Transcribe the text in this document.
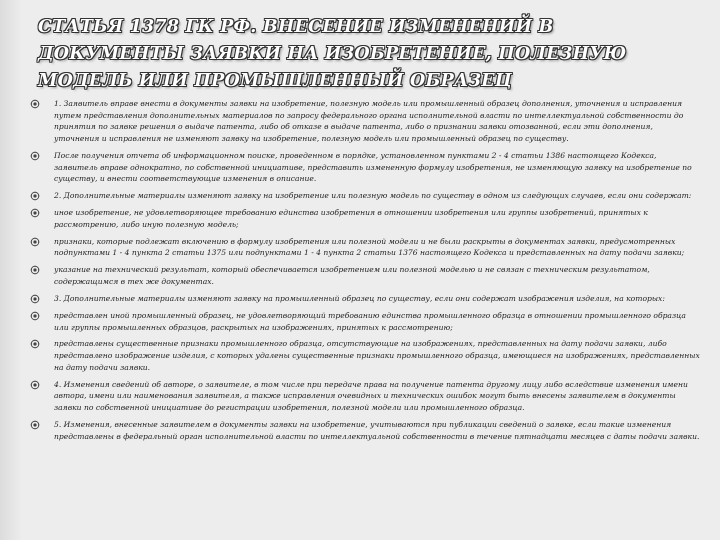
СТАТЬЯ 1378 ГК РФ. ВНЕСЕНИЕ ИЗМЕНЕНИЙ В ДОКУМЕНТЫ ЗАЯВКИ НА ИЗОБРЕТЕНИЕ, ПОЛЕЗНУЮ МОДЕЛЬ ИЛИ ПРОМЫШЛЕННЫЙ ОБРАЗЕЦ
1. Заявитель вправе внести в документы заявки на изобретение, полезную модель или промышленный образец дополнения, уточнения и исправления путем представления дополнительных материалов по запросу федерального органа исполнительной власти по интеллектуальной собственности до принятия по заявке решения о выдаче патента, либо об отказе в выдаче патента, либо о признании заявки отозванной, если эти дополнения, уточнения и исправления не изменяют заявку на изобретение, полезную модель или промышленный образец по существу.
После получения отчета об информационном поиске, проведенном в порядке, установленном пунктами 2 - 4 статьи 1386 настоящего Кодекса, заявитель вправе однократно, по собственной инициативе, представить измененную формулу изобретения, не изменяющую заявку на изобретение по существу, и внести соответствующие изменения в описание.
2. Дополнительные материалы изменяют заявку на изобретение или полезную модель по существу в одном из следующих случаев, если они содержат:
иное изобретение, не удовлетворяющее требованию единства изобретения в отношении изобретения или группы изобретений, принятых к рассмотрению, либо иную полезную модель;
признаки, которые подлежат включению в формулу изобретения или полезной модели и не были раскрыты в документах заявки, предусмотренных подпунктами 1 - 4 пункта 2 статьи 1375 или подпунктами 1 - 4 пункта 2 статьи 1376 настоящего Кодекса и представленных на дату подачи заявки;
указание на технический результат, который обеспечивается изобретением или полезной моделью и не связан с техническим результатом, содержащимся в тех же документах.
3. Дополнительные материалы изменяют заявку на промышленный образец по существу, если они содержат изображения изделия, на которых:
представлен иной промышленный образец, не удовлетворяющий требованию единства промышленного образца в отношении промышленного образца или группы промышленных образцов, раскрытых на изображениях, принятых к рассмотрению;
представлены существенные признаки промышленного образца, отсутствующие на изображениях, представленных на дату подачи заявки, либо представлено изображение изделия, с которых удалены существенные признаки промышленного образца, имеющиеся на изображениях, представленных на дату подачи заявки.
4. Изменения сведений об авторе, о заявителе, в том числе при передаче права на получение патента другому лицу либо вследствие изменения имени автора, имени или наименования заявителя, а также исправления очевидных и технических ошибок могут быть внесены заявителем в документы заявки по собственной инициативе до регистрации изобретения, полезной модели или промышленного образца.
5. Изменения, внесенные заявителем в документы заявки на изобретение, учитываются при публикации сведений о заявке, если такие изменения представлены в федеральный орган исполнительной власти по интеллектуальной собственности в течение пятнадцати месяцев с даты подачи заявки.
